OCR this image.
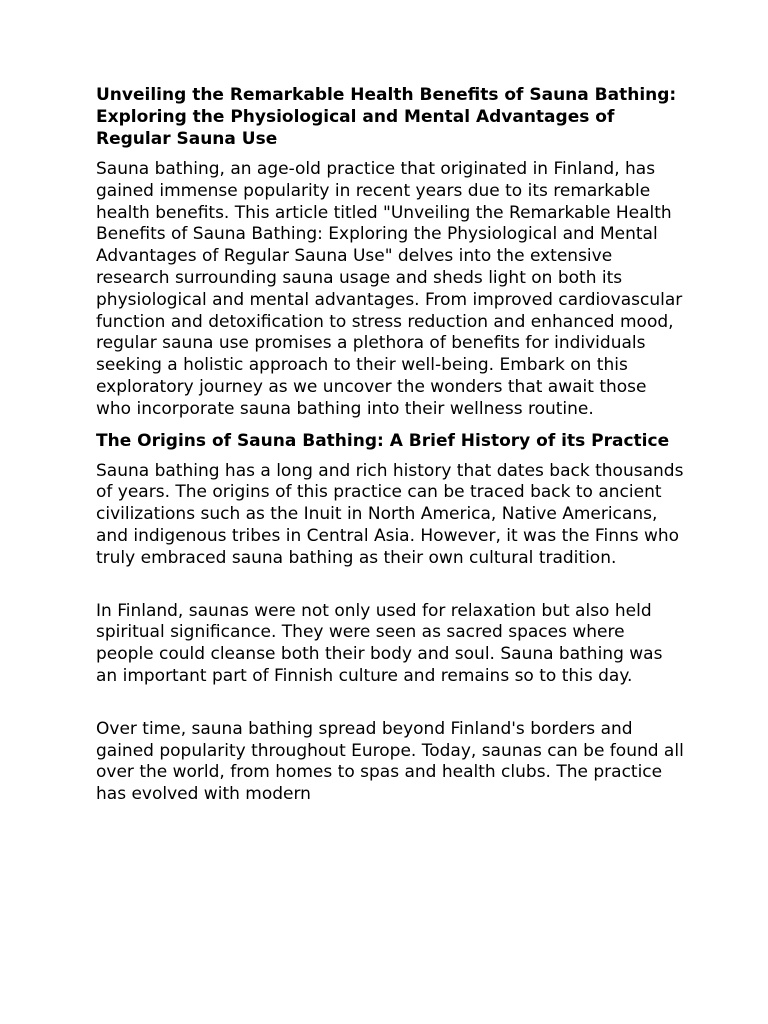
Unveiling the Remarkable Health Benefits of Sauna Bathing: Exploring the Physiological and Mental Advantages of Regular Sauna Use

Sauna bathing, an age-old practice that originated in Finland, has gained immense popularity in recent years due to its remarkable health benefits. This article titled "Unveiling the Remarkable Health Benefits of Sauna Bathing: Exploring the Physiological and Mental Advantages of Regular Sauna Use" delves into the extensive research surrounding sauna usage and sheds light on both its physiological and mental advantages. From improved cardiovascular function and detoxification to stress reduction and enhanced mood, regular sauna use promises a plethora of benefits for individuals seeking a holistic approach to their well-being. Embark on this exploratory journey as we uncover the wonders that await those who incorporate sauna bathing into their wellness routine.

The Origins of Sauna Bathing: A Brief History of its Practice

Sauna bathing has a long and rich history that dates back thousands of years. The origins of this practice can be traced back to ancient civilizations such as the Inuit in North America, Native Americans, and indigenous tribes in Central Asia. However, it was the Finns who truly embraced sauna bathing as their own cultural tradition.

In Finland, saunas were not only used for relaxation but also held spiritual significance. They were seen as sacred spaces where people could cleanse both their body and soul. Sauna bathing was an important part of Finnish culture and remains so to this day.

Over time, sauna bathing spread beyond Finland's borders and gained popularity throughout Europe. Today, saunas can be found all over the world, from homes to spas and health clubs. The practice has evolved with modern
